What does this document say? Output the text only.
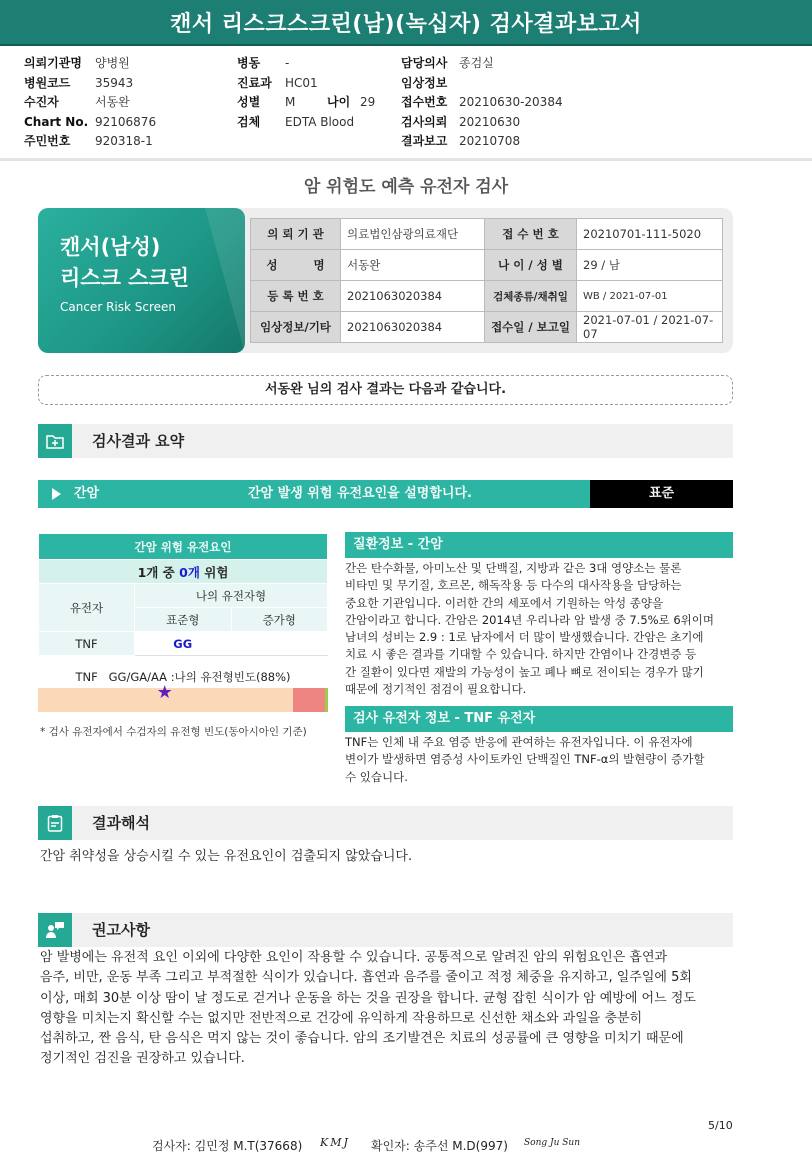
캔서 리스크스크린(남)(녹십자) 검사결과보고서
의뢰기관명	양병원
병원코드	35943
수진자	서동완
Chart No. 92106876
주민번호	920318-1
병동	-
진료과	HC01
성별	M	나이 29
검체	EDTA Blood
담당의사 종검실
임상정보
접수번호 20210630-20384
검사의뢰 20210630
결과보고 20210708
암 위험도 예측 유전자 검사
캔서(남성)
리스크 스크린
Cancer Risk Screen
의 뢰 기 관	의료법인삼광의료재단	접 수 번 호	20210701-111-5020
성         명	서동완	나 이 / 성 별	29 / 남
등 록 번 호	2021063020384	검체종류/채취일	WB / 2021-07-01
임상정보/기타	2021063020384	접수일 / 보고일	2021-07-01 / 2021-07-07
서동완 님의 검사 결과는 다음과 같습니다.
검사결과 요약
간암	간암 발생 위험 유전요인을 설명합니다.	표준
간암 위험 유전요인		
1개 중 0개 위험		
유전자	나의 유전자형	
	표준형	증가형
TNF	GG	
TNF   GG/GA/AA :나의 유전형빈도(88%)
★
* 검사 유전자에서 수검자의 유전형 빈도(동아시아인 기준)
질환정보 - 간암
간은 탄수화물, 아미노산 및 단백질, 지방과 같은 3대 영양소는 물론
비타민 및 무기질, 호르몬, 해독작용 등 다수의 대사작용을 담당하는
중요한 기관입니다. 이러한 간의 세포에서 기원하는 악성 종양을
간암이라고 합니다. 간암은 2014년 우리나라 암 발생 중 7.5%로 6위이며
남녀의 성비는 2.9 : 1로 남자에서 더 많이 발생했습니다. 간암은 초기에
치료 시 좋은 결과를 기대할 수 있습니다. 하지만 간염이나 간경변증 등
간 질환이 있다면 재발의 가능성이 높고 폐나 뼈로 전이되는 경우가 많기
때문에 정기적인 점검이 필요합니다.
검사 유전자 정보 - TNF 유전자
TNF는 인체 내 주요 염증 반응에 관여하는 유전자입니다. 이 유전자에
변이가 발생하면 염증성 사이토카인 단백질인 TNF-α의 발현량이 증가할
수 있습니다.
결과해석
간암 취약성을 상승시킬 수 있는 유전요인이 검출되지 않았습니다.
권고사항
암 발병에는 유전적 요인 이외에 다양한 요인이 작용할 수 있습니다. 공통적으로 알려진 암의 위험요인은 흡연과
음주, 비만, 운동 부족 그리고 부적절한 식이가 있습니다. 흡연과 음주를 줄이고 적정 체중을 유지하고, 일주일에 5회
이상, 매회 30분 이상 땀이 날 정도로 걷거나 운동을 하는 것을 권장을 합니다. 균형 잡힌 식이가 암 예방에 어느 정도
영향을 미치는지 확신할 수는 없지만 전반적으로 건강에 유익하게 작용하므로 신선한 채소와 과일을 충분히
섭취하고, 짠 음식, 탄 음식은 먹지 않는 것이 좋습니다. 암의 조기발견은 치료의 성공률에 큰 영향을 미치기 때문에
정기적인 검진을 권장하고 있습니다.
5/10
검사자: 김민정 M.T(37668) KMJ 확인자: 송주선 M.D(997) Song Ju Sun
